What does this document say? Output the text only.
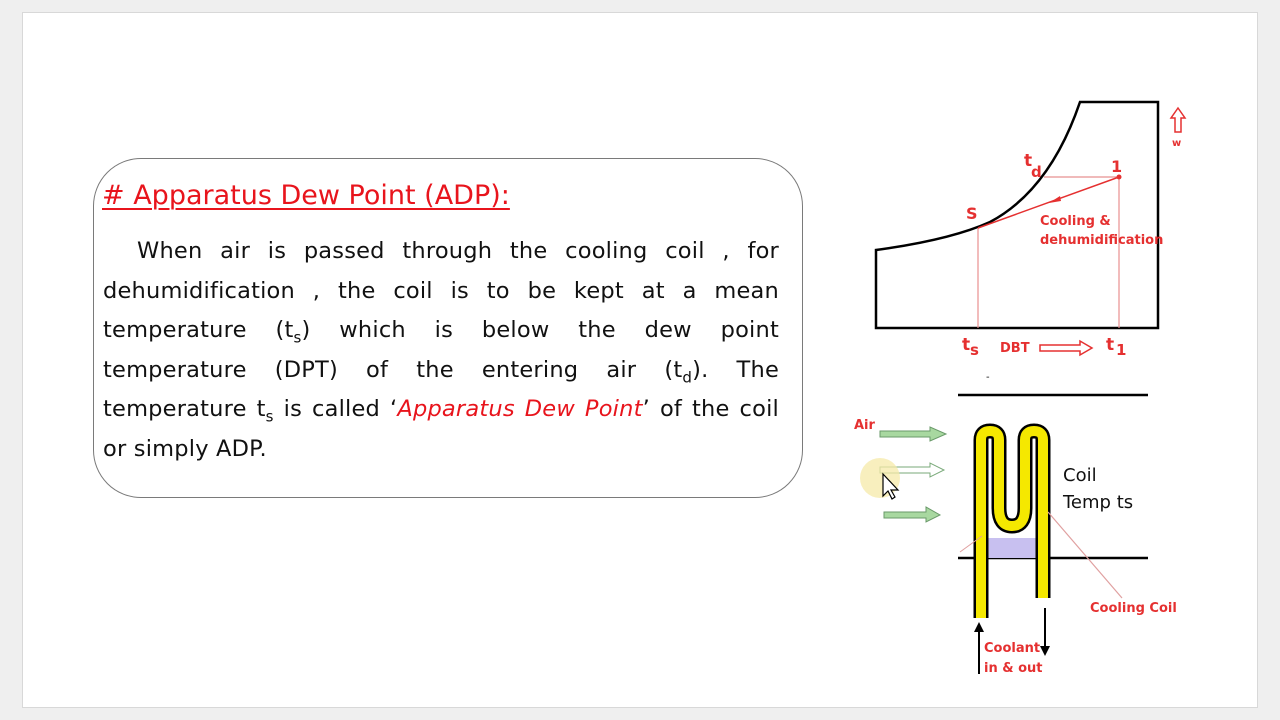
# Apparatus Dew Point (ADP):
When air is passed through the cooling coil , for dehumidification , the coil is to be kept at a mean temperature $(t_s)$ which is below the dew point temperature (DPT) of the entering air $(t_d)$. The temperature $t_s$ is called ‘Apparatus Dew Point’ of the coil or simply ADP.
w
t
d	1
S	Cooling &
dehumidification
t s DBT	t 1
-
Air
Coil
Temp ts
Cooling Coil
Coolant
in & out
